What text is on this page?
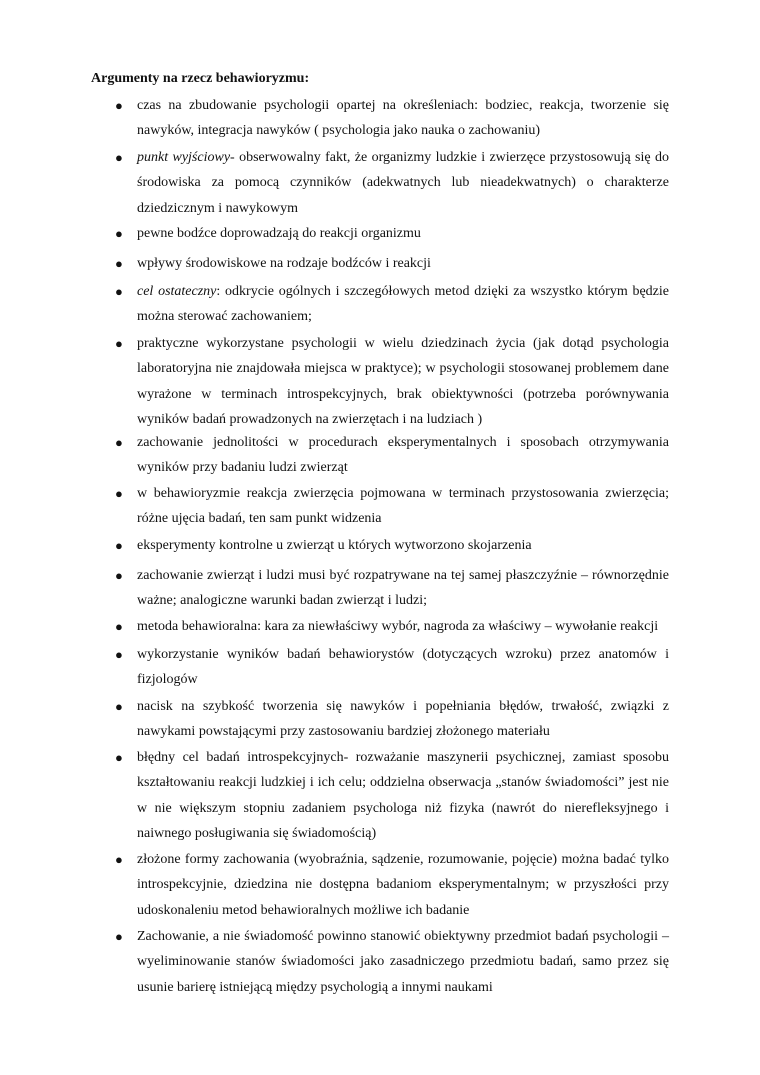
Argumenty na rzecz behawioryzmu:

● czas na zbudowanie psychologii opartej na określeniach: bodziec, reakcja, tworzenie się nawyków, integracja nawyków ( psychologia jako nauka o zachowaniu)

● punkt wyjściowy- obserwowalny fakt, że organizmy ludzkie i zwierzęce przystosowują się do środowiska za pomocą czynników (adekwatnych lub nieadekwatnych) o charakterze dziedzicznym i nawykowym

● pewne bodźce doprowadzają do reakcji organizmu

● wpływy środowiskowe na rodzaje bodźców i reakcji

● cel ostateczny: odkrycie ogólnych i szczegółowych metod dzięki za wszystko którym będzie można sterować zachowaniem;

● praktyczne wykorzystane psychologii w wielu dziedzinach życia (jak dotąd psychologia laboratoryjna nie znajdowała miejsca w praktyce); w psychologii stosowanej problemem dane wyrażone w terminach introspekcyjnych, brak obiektywności (potrzeba porównywania wyników badań prowadzonych na zwierzętach i na ludziach )

● zachowanie jednolitości w procedurach eksperymentalnych i sposobach otrzymywania wyników przy badaniu ludzi zwierząt

● w behawioryzmie reakcja zwierzęcia pojmowana w terminach przystosowania zwierzęcia; różne ujęcia badań, ten sam punkt widzenia

● eksperymenty kontrolne u zwierząt u których wytworzono skojarzenia

● zachowanie zwierząt i ludzi musi być rozpatrywane na tej samej płaszczyźnie – równorzędnie ważne; analogiczne warunki badan zwierząt i ludzi;

● metoda behawioralna: kara za niewłaściwy wybór, nagroda za właściwy – wywołanie reakcji

● wykorzystanie wyników badań behawiorystów (dotyczących wzroku) przez anatomów i fizjologów

● nacisk na szybkość tworzenia się nawyków i popełniania błędów, trwałość, związki z nawykami powstającymi przy zastosowaniu bardziej złożonego materiału

● błędny cel badań introspekcyjnych- rozważanie maszynerii psychicznej, zamiast sposobu kształtowaniu reakcji ludzkiej i ich celu; oddzielna obserwacja „stanów świadomości” jest nie w nie większym stopniu zadaniem psychologa niż fizyka (nawrót do nierefleksyjnego i naiwnego posługiwania się świadomością)

● złożone formy zachowania (wyobraźnia, sądzenie, rozumowanie, pojęcie) można badać tylko introspekcyjnie, dziedzina nie dostępna badaniom eksperymentalnym; w przyszłości przy udoskonaleniu metod behawioralnych możliwe ich badanie

● Zachowanie, a nie świadomość powinno stanowić obiektywny przedmiot badań psychologii – wyeliminowanie stanów świadomości jako zasadniczego przedmiotu badań, samo przez się usunie barierę istniejącą między psychologią a innymi naukami
